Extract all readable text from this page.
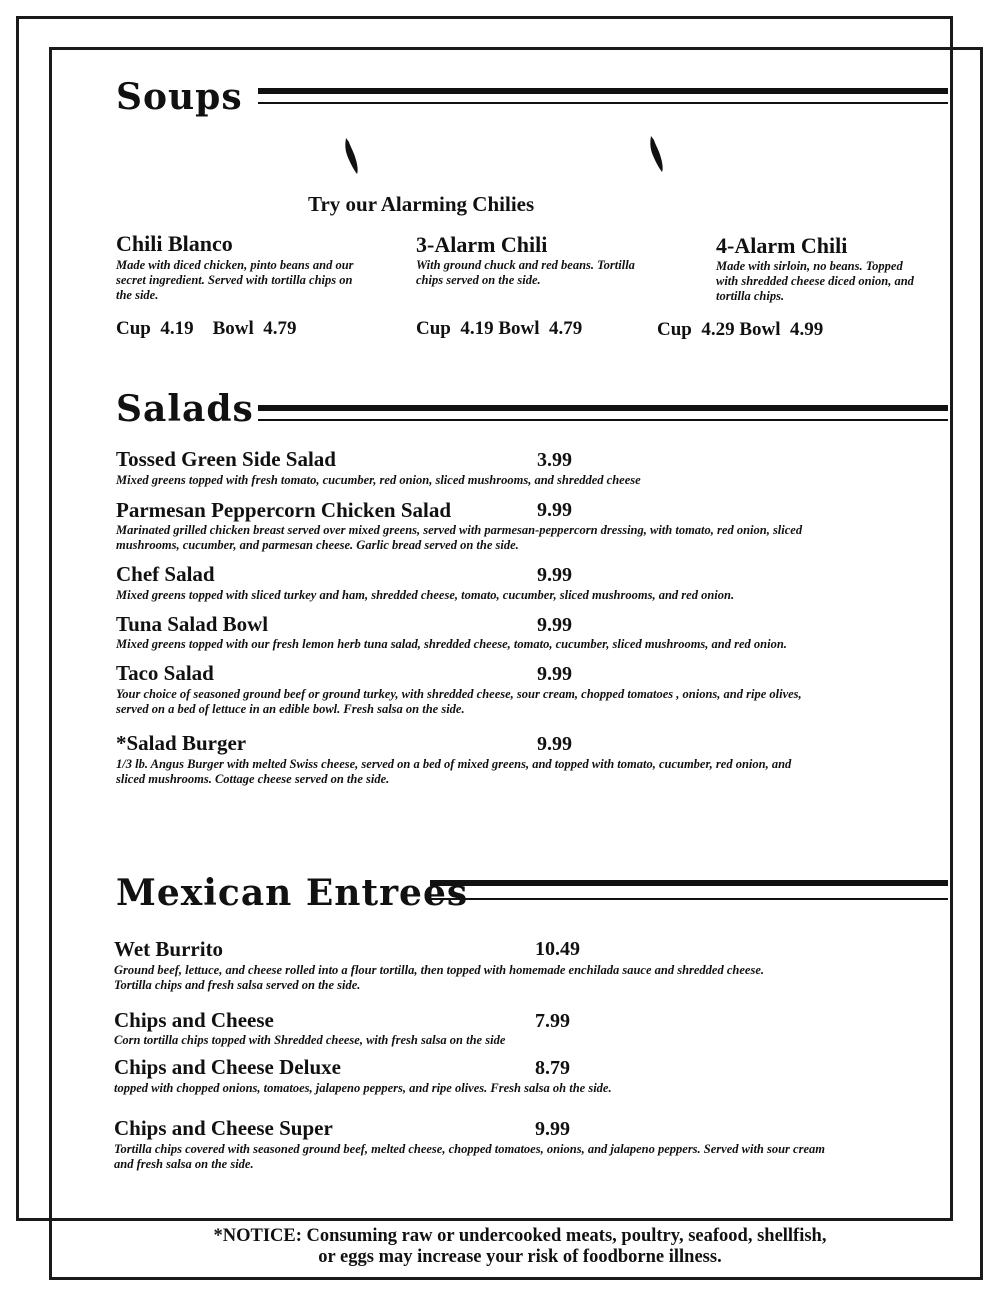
Soups
Try our Alarming Chilies
Chili Blanco
Made with diced chicken, pinto beans and our secret ingredient. Served with tortilla chips on the side.
Cup  4.19    Bowl  4.79
3-Alarm Chili
With ground chuck and red beans. Tortilla chips served on the side.
Cup  4.19 Bowl  4.79
4-Alarm Chili
Made with sirloin, no beans. Topped with shredded cheese diced onion, and tortilla chips.
Cup  4.29 Bowl  4.99
Salads
Tossed Green Side Salad	3.99
Mixed greens topped with fresh tomato, cucumber, red onion, sliced mushrooms, and shredded cheese
Parmesan Peppercorn Chicken Salad	9.99
Marinated grilled chicken breast served over mixed greens, served with parmesan-peppercorn dressing, with tomato, red onion, sliced mushrooms, cucumber, and parmesan cheese. Garlic bread served on the side.
Chef Salad	9.99
Mixed greens topped with sliced turkey and ham, shredded cheese, tomato, cucumber, sliced mushrooms, and red onion.
Tuna Salad Bowl	9.99
Mixed greens topped with our fresh lemon herb tuna salad, shredded cheese, tomato, cucumber, sliced mushrooms, and red onion.
Taco Salad	9.99
Your choice of seasoned ground beef or ground turkey, with shredded cheese, sour cream, chopped tomatoes , onions, and ripe olives, served on a bed of lettuce in an edible bowl. Fresh salsa on the side.
*Salad Burger	9.99
1/3 lb. Angus Burger with melted Swiss cheese, served on a bed of mixed greens, and topped with tomato, cucumber, red onion, and sliced mushrooms. Cottage cheese served on the side.
Mexican Entrees
Wet Burrito	10.49
Ground beef, lettuce, and cheese rolled into a flour tortilla, then topped with homemade enchilada sauce and shredded cheese. Tortilla chips and fresh salsa served on the side.
Chips and Cheese	7.99
Corn tortilla chips topped with Shredded cheese, with fresh salsa on the side
Chips and Cheese Deluxe	8.79
topped with chopped onions, tomatoes, jalapeno peppers, and ripe olives. Fresh salsa oh the side.
Chips and Cheese Super	9.99
Tortilla chips covered with seasoned ground beef, melted cheese, chopped tomatoes, onions, and jalapeno peppers. Served with sour cream and fresh salsa on the side.
*NOTICE: Consuming raw or undercooked meats, poultry, seafood, shellfish,
or eggs may increase your risk of foodborne illness.
